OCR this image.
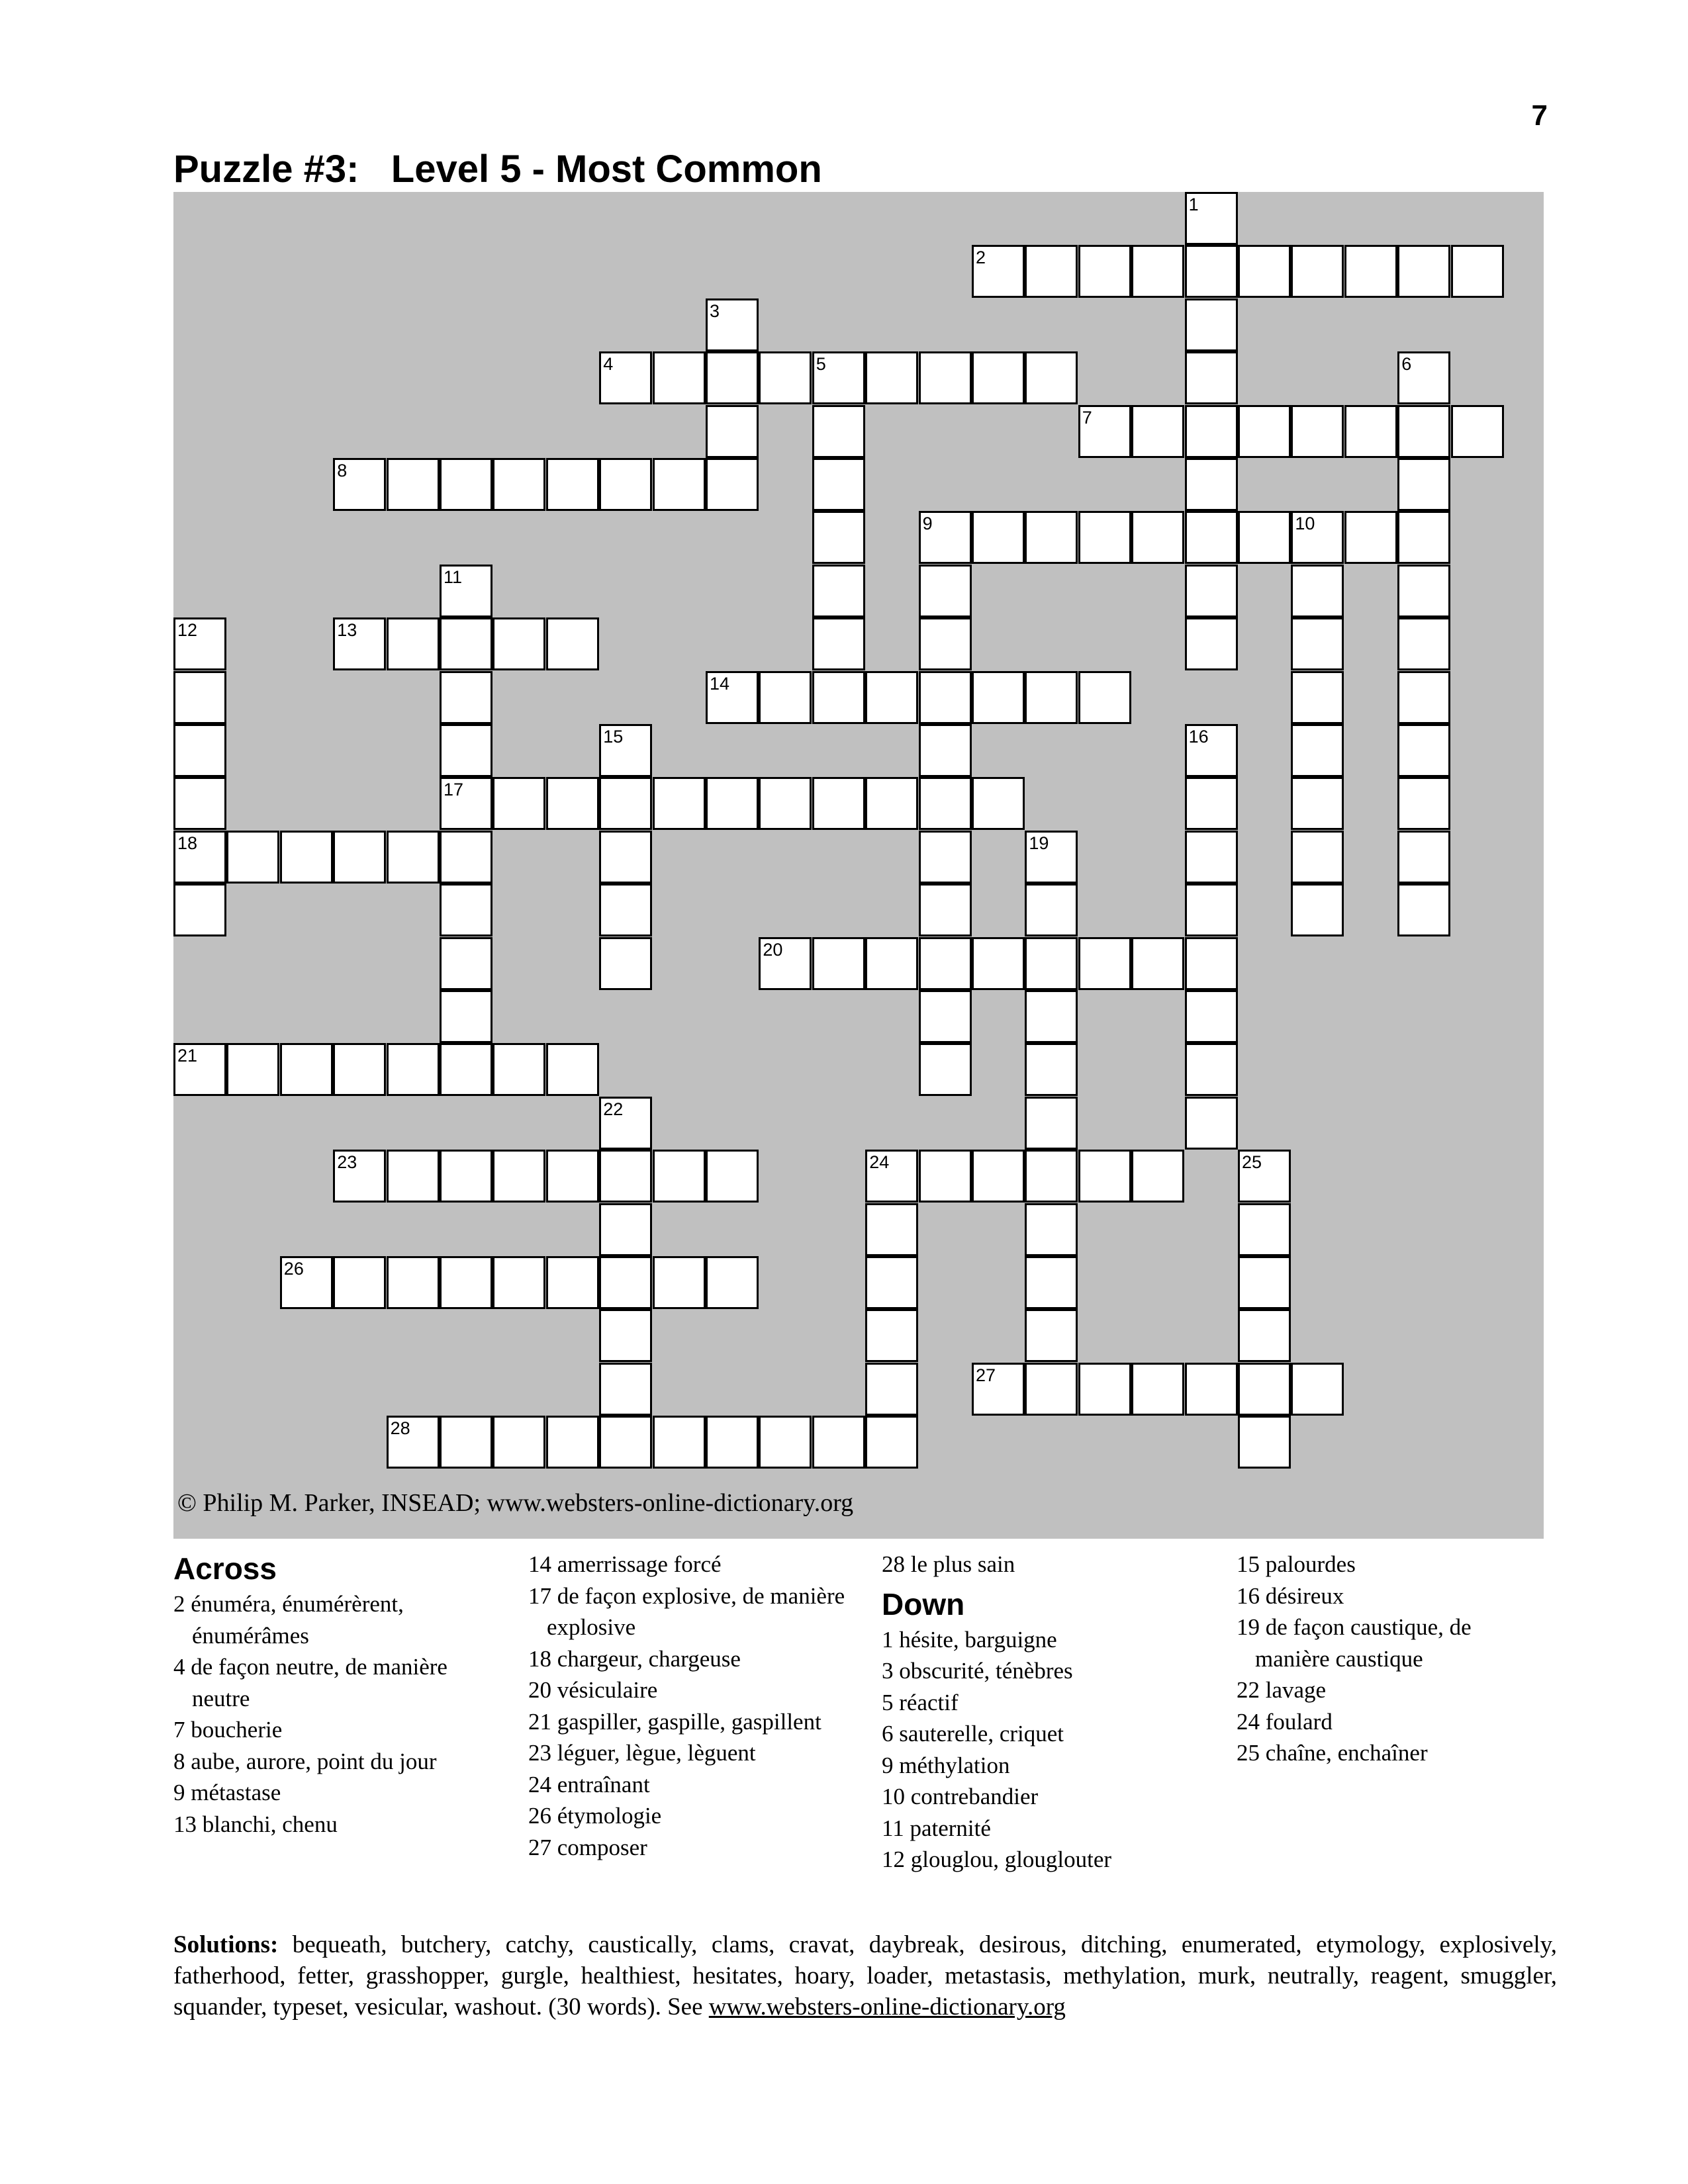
7
Puzzle #3:   Level 5 - Most Common
© Philip M. Parker, INSEAD; www.websters-online-dictionary.org
1
2
3
4	5	6
7
8
9	10
11
17
12
18
13
14
15	16
19
20
21
22
23	24	25
26
27
28
Across
2 énuméra, énumérèrent, énumérâmes
4 de façon neutre, de manière neutre
7 boucherie
8 aube, aurore, point du jour
9 métastase
13 blanchi, chenu
14 amerrissage forcé
17 de façon explosive, de manière explosive
18 chargeur, chargeuse
20 vésiculaire
21 gaspiller, gaspille, gaspillent
23 léguer, lègue, lèguent
24 entraînant
26 étymologie
27 composer
28 le plus sain
Down
1 hésite, barguigne
3 obscurité, ténèbres
5 réactif
6 sauterelle, criquet
9 méthylation
10 contrebandier
11 paternité
12 glouglou, glouglouter
15 palourdes
16 désireux
19 de façon caustique, de manière caustique
22 lavage
24 foulard
25 chaîne, enchaîner
Solutions: bequeath, butchery, catchy, caustically, clams, cravat, daybreak, desirous, ditching, enumerated, etymology, explosively, fatherhood, fetter, grasshopper, gurgle, healthiest, hesitates, hoary, loader, metastasis, methylation, murk, neutrally, reagent, smuggler, squander, typeset, vesicular, washout. (30 words). See www.websters-online-dictionary.org
